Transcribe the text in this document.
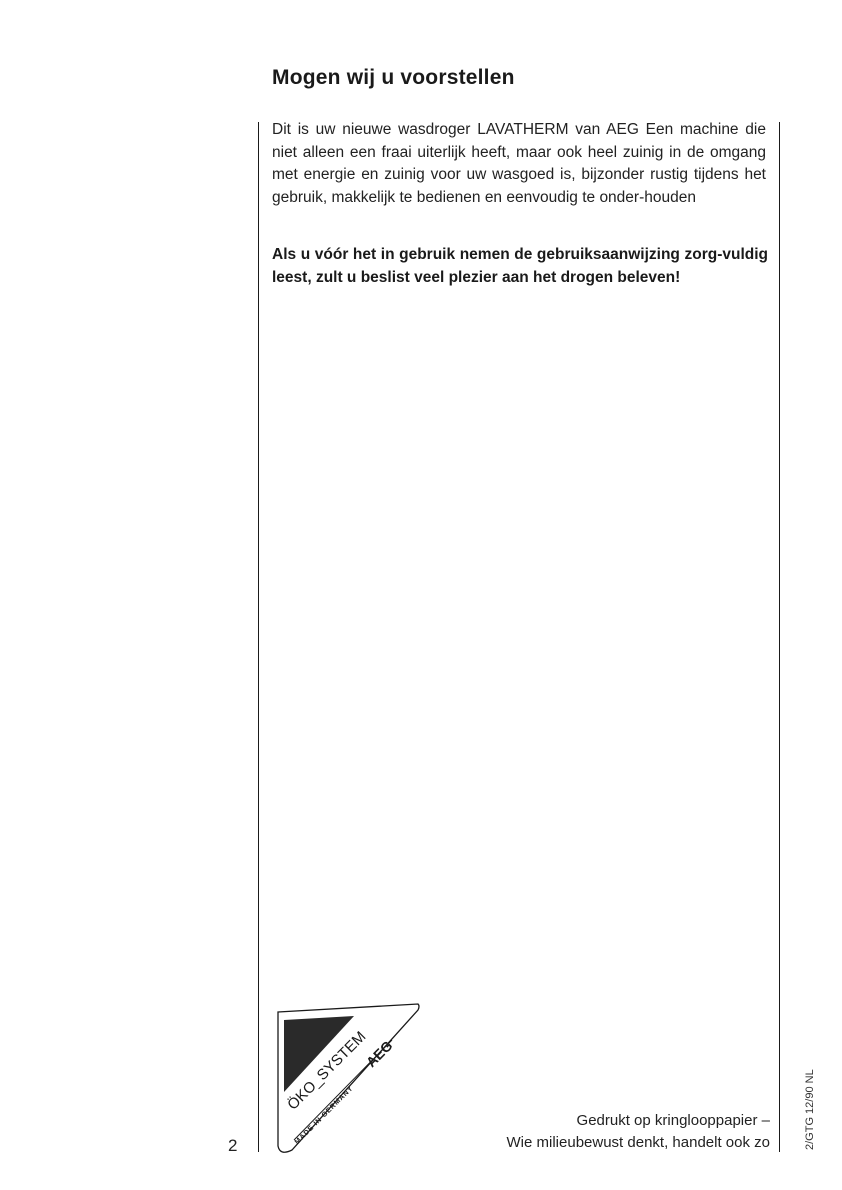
Mogen wij u voorstellen

Dit is uw nieuwe wasdroger LAVATHERM van AEG Een machine die niet alleen een fraai uiterlijk heeft, maar ook heel zuinig in de omgang met energie en zuinig voor uw wasgoed is, bijzonder rustig tijdens het gebruik, makkelijk te bedienen en eenvoudig te onder-houden

Als u vóór het in gebruik nemen de gebruiksaanwijzing zorg-vuldig leest, zult u beslist veel plezier aan het drogen beleven!

ÖKO_SYSTEM
AEG
MADE IN GERMANY

Gedrukt op kringlooppapier –
Wie milieubewust denkt, handelt ook zo

2	2/GTG 12/90 NL
